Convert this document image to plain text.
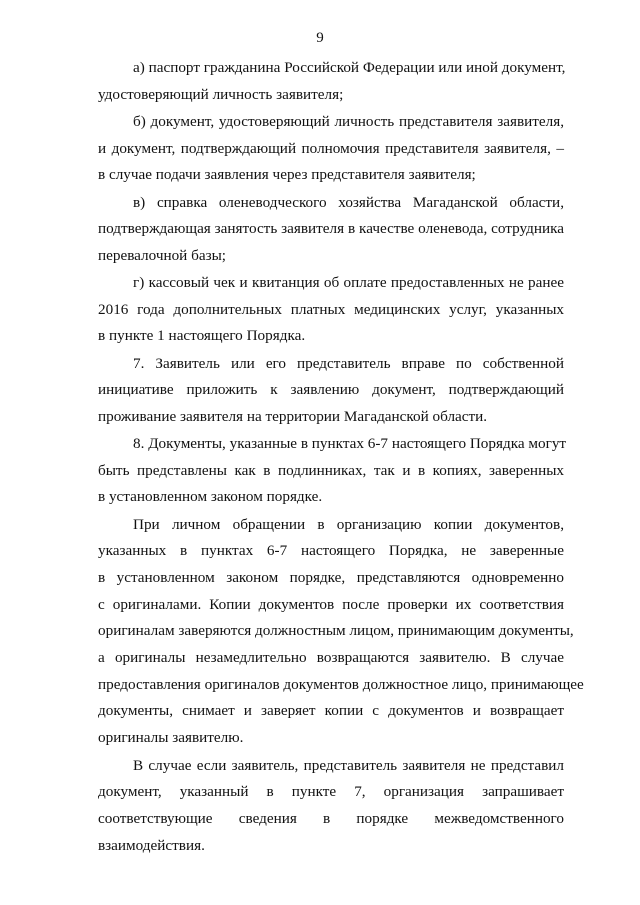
9
а) паспорт гражданина Российской Федерации или иной документ,
удостоверяющий личность заявителя;
б) документ, удостоверяющий личность представителя заявителя,
и документ, подтверждающий полномочия представителя заявителя, –
в случае подачи заявления через представителя заявителя;
в) справка оленеводческого хозяйства Магаданской области,
подтверждающая занятость заявителя в качестве оленевода, сотрудника
перевалочной базы;
г) кассовый чек и квитанция об оплате предоставленных не ранее
2016 года дополнительных платных медицинских услуг, указанных
в пункте 1 настоящего Порядка.
7. Заявитель или его представитель вправе по собственной
инициативе приложить к заявлению документ, подтверждающий
проживание заявителя на территории Магаданской области.
8. Документы, указанные в пунктах 6-7 настоящего Порядка могут
быть представлены как в подлинниках, так и в копиях, заверенных
в установленном законом порядке.
При личном обращении в организацию копии документов,
указанных в пунктах 6-7 настоящего Порядка, не заверенные
в установленном законом порядке, представляются одновременно
с оригиналами. Копии документов после проверки их соответствия
оригиналам заверяются должностным лицом, принимающим документы,
а оригиналы незамедлительно возвращаются заявителю. В случае
предоставления оригиналов документов должностное лицо, принимающее
документы, снимает и заверяет копии с документов и возвращает
оригиналы заявителю.
В случае если заявитель, представитель заявителя не представил
документ, указанный в пункте 7, организация запрашивает
соответствующие сведения в порядке межведомственного
взаимодействия.
